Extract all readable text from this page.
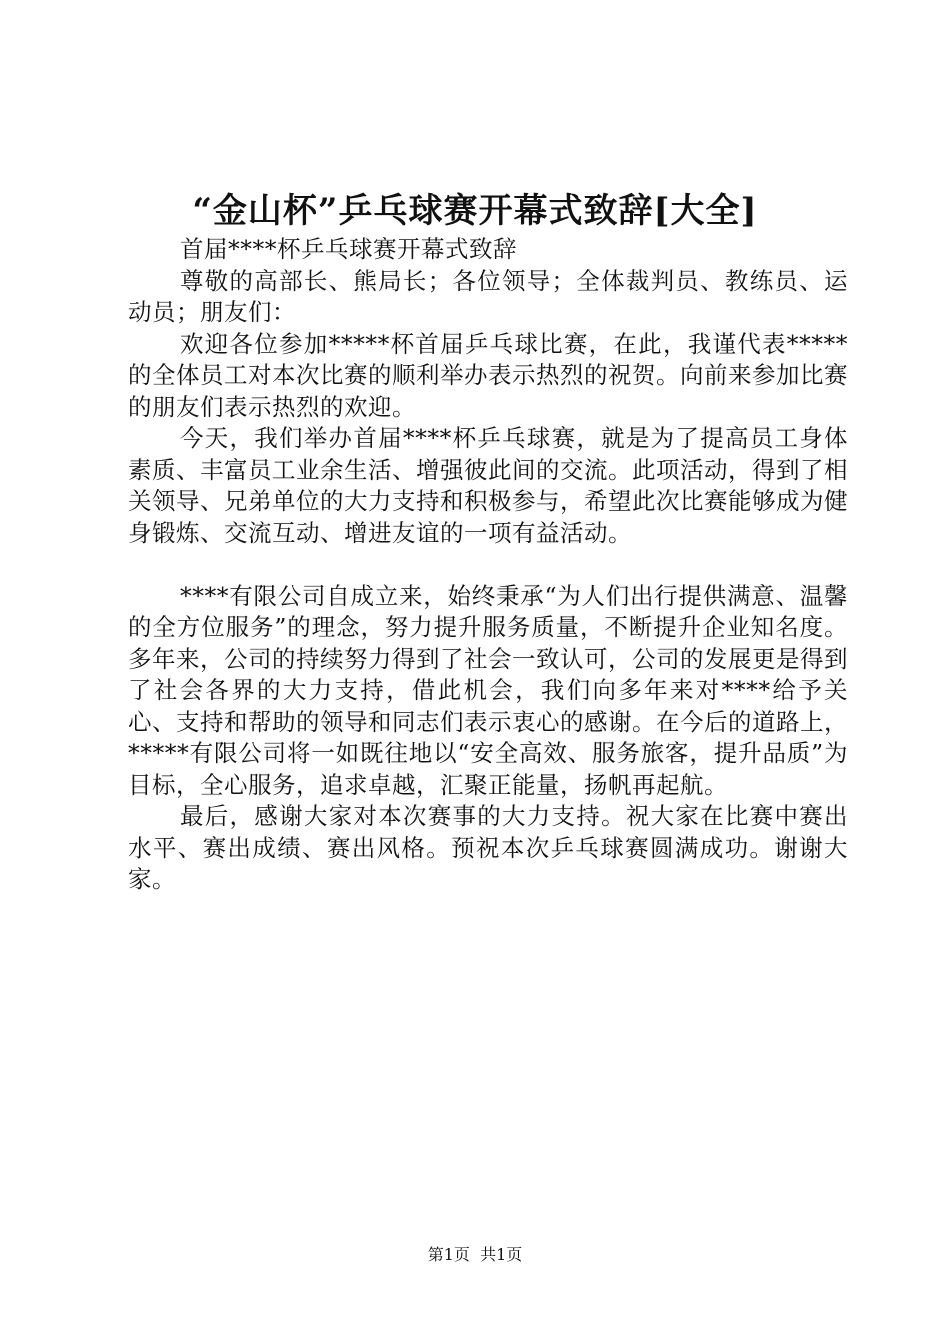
“金山杯”乒乓球赛开幕式致辞[大全]

首届****杯乒乓球赛开幕式致辞

尊敬的高部长、熊局长；各位领导；全体裁判员、教练员、运动员；朋友们：

欢迎各位参加*****杯首届乒乓球比赛，在此，我谨代表*****的全体员工对本次比赛的顺利举办表示热烈的祝贺。向前来参加比赛的朋友们表示热烈的欢迎。

今天，我们举办首届****杯乒乓球赛，就是为了提高员工身体素质、丰富员工业余生活、增强彼此间的交流。此项活动，得到了相关领导、兄弟单位的大力支持和积极参与，希望此次比赛能够成为健身锻炼、交流互动、增进友谊的一项有益活动。

****有限公司自成立来，始终秉承“为人们出行提供满意、温馨的全方位服务”的理念，努力提升服务质量，不断提升企业知名度。多年来，公司的持续努力得到了社会一致认可，公司的发展更是得到了社会各界的大力支持，借此机会，我们向多年来对****给予关心、支持和帮助的领导和同志们表示衷心的感谢。在今后的道路上，*****有限公司将一如既往地以“安全高效、服务旅客，提升品质”为目标，全心服务，追求卓越，汇聚正能量，扬帆再起航。

最后，感谢大家对本次赛事的大力支持。祝大家在比赛中赛出水平、赛出成绩、赛出风格。预祝本次乒乓球赛圆满成功。谢谢大家。

第1页  共1页
